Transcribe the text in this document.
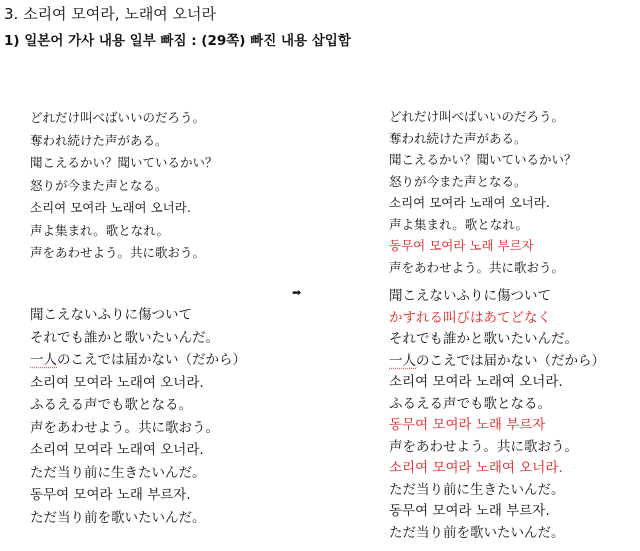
3. 소리여 모여라, 노래여 오너라
1) 일본어 가사 내용 일부 빠짐 : (29쪽) 빠진 내용 삽입함
どれだけ叫べばいいのだろう。
奪われ続けた声がある。
聞こえるかい？聞いているかい？
怒りが今また声となる。
소리여 모여라 노래여 오너라.
声よ集まれ。歌となれ。
声をあわせよう。共に歌おう。
聞こえないふりに傷ついて
それでも誰かと歌いたいんだ。
一人のこえでは届かない（だから）
소리여 모여라 노래여 오너라.
ふるえる声でも歌となる。
声をあわせよう。共に歌おう。
소리여 모여라 노래여 오너라.
ただ当り前に生きたいんだ。
동무여 모여라 노래 부르자.
ただ当り前を歌いたいんだ。
どれだけ叫べばいいのだろう。
奪われ続けた声がある。
聞こえるかい？聞いているかい？
怒りが今また声となる。
소리여 모여라 노래여 오너라.
声よ集まれ。歌となれ。
동무여 모여라 노래 부르자
声をあわせよう。共に歌おう。
聞こえないふりに傷ついて
かすれる叫びはあてどなく
それでも誰かと歌いたいんだ。
一人のこえでは届かない（だから）
소리여 모여라 노래여 오너라.
ふるえる声でも歌となる。
동무여 모여라 노래 부르자
声をあわせよう。共に歌おう。
소리여 모여라 노래여 오너라.
ただ当り前に生きたいんだ。
동무여 모여라 노래 부르자.
ただ当り前を歌いたいんだ。
➡
